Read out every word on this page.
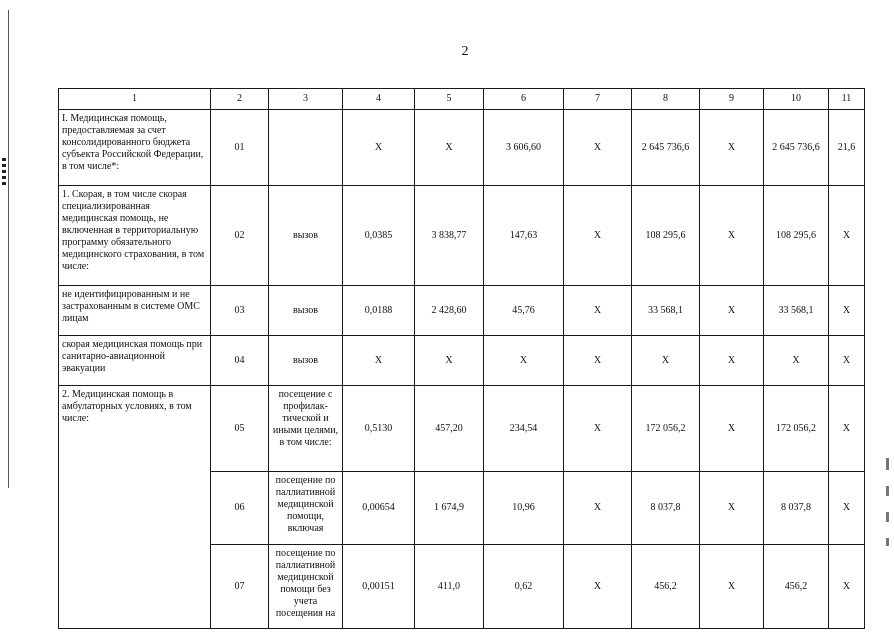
2
1	2	3	4	5	6	7	8	9	10	11
I. Медицинская помощь, предоставляемая за счет консолидированного бюджета субъекта Российской Федерации, в том числе*:	01		X	X	3 606,60	X	2 645 736,6	X	2 645 736,6	21,6
1. Скорая, в том числе скорая специализированная медицинская помощь, не включенная в территориальную программу обязательного медицинского страхования, в том числе:	02	вызов	0,0385	3 838,77	147,63	X	108 295,6	X	108 295,6	X
не идентифицированным и не застрахованным в системе ОМС лицам	03	вызов	0,0188	2 428,60	45,76	X	33 568,1	X	33 568,1	X
скорая медицинская помощь при санитарно-авиационной эвакуации	04	вызов	X	X	X	X	X	X	X	X
2. Медицинская помощь в амбулаторных условиях, в том числе:	05	посещение с профилак-тической и иными целями, в том числе:	0,5130	457,20	234,54	X	172 056,2	X	172 056,2	X
	06	посещение по паллиативной медицинской помощи, включая	0,00654	1 674,9	10,96	X	8 037,8	X	8 037,8	X
	07	посещение по паллиативной медицинской помощи без учета посещения на	0,00151	411,0	0,62	X	456,2	X	456,2	X
